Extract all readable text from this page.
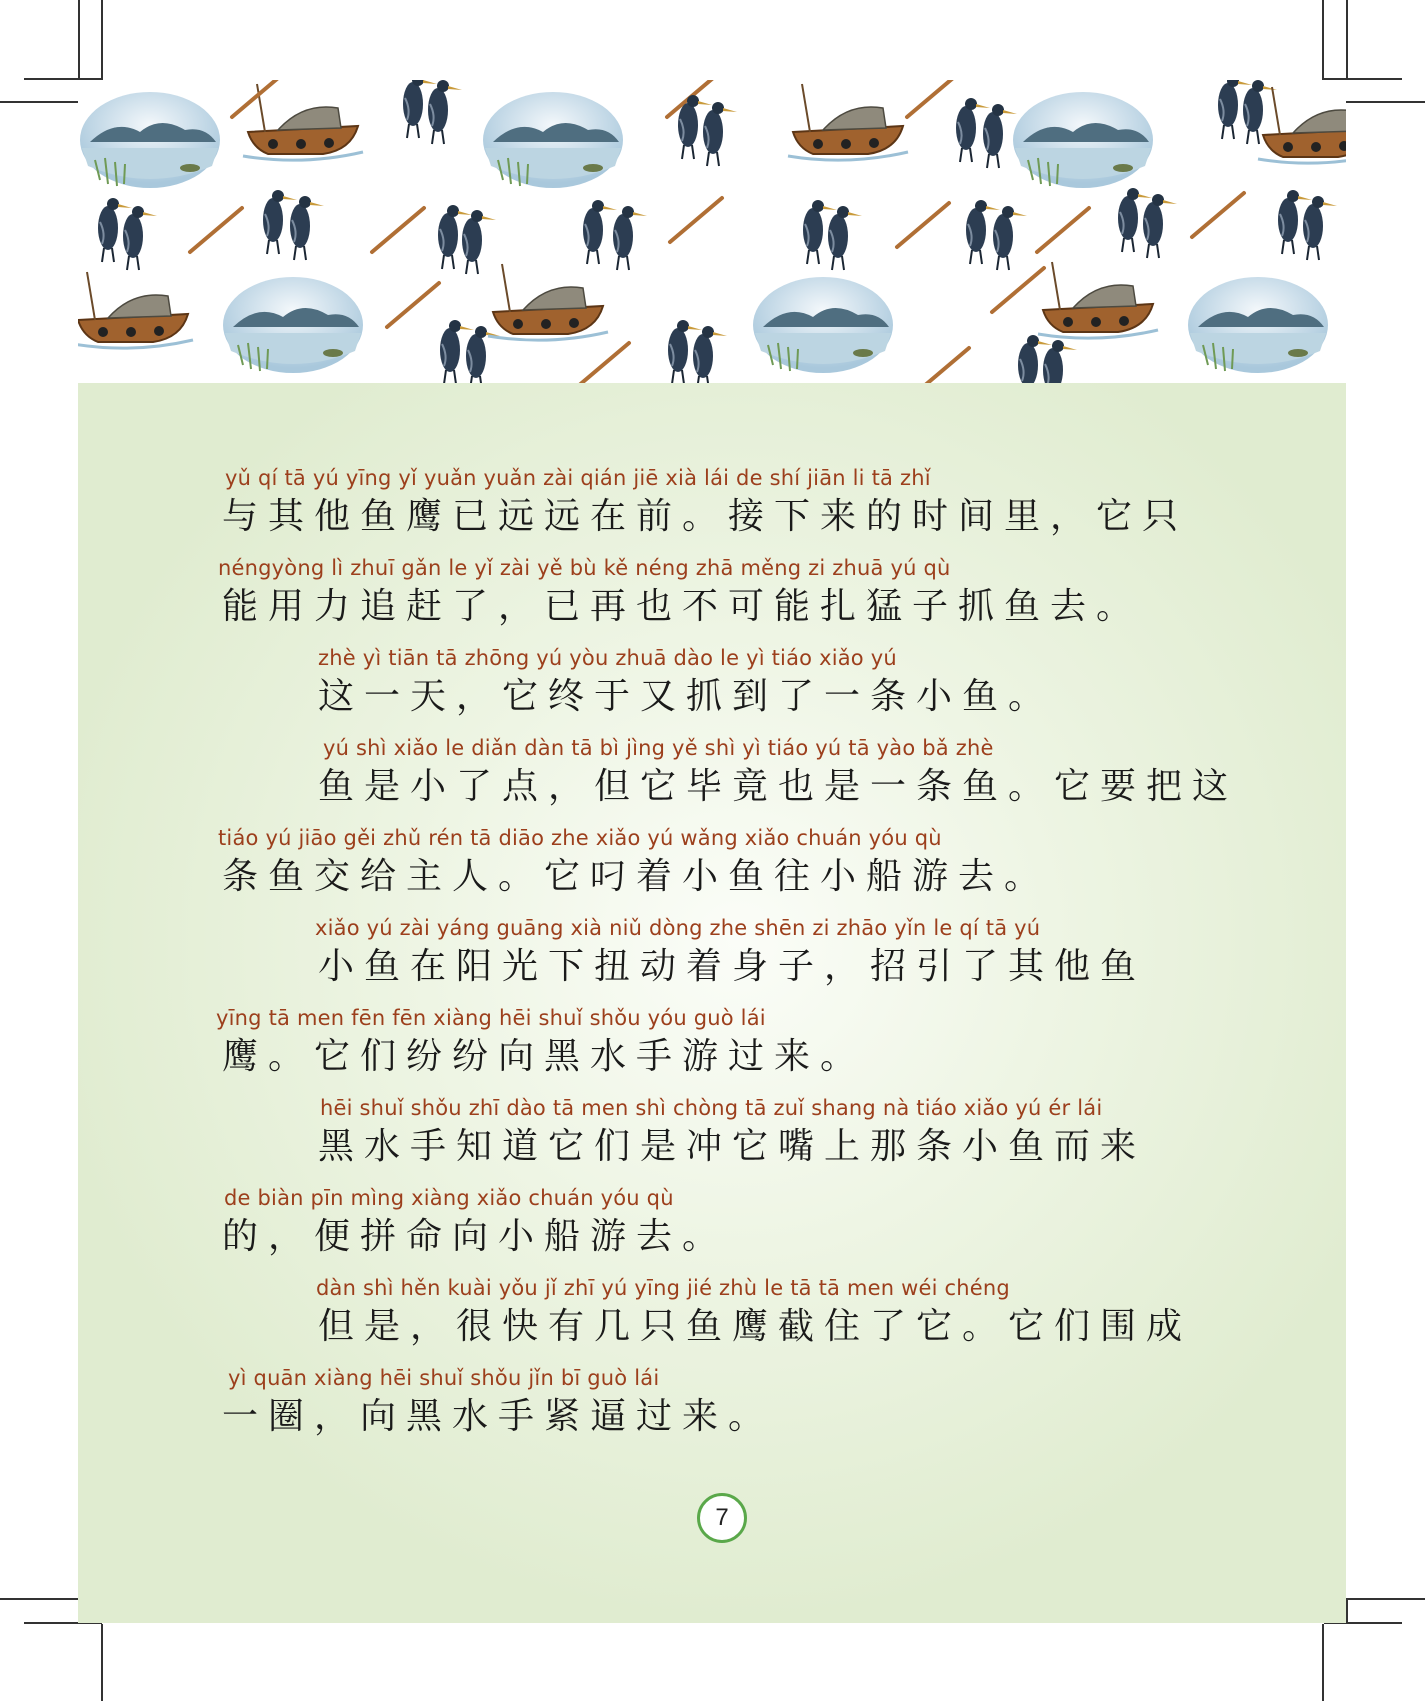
yǔ qí tā yú yīng yǐ yuǎn yuǎn zài qián jiē xià lái de shí jiān li tā zhǐ
与其他鱼鹰已远远在前。接下来的时间里，它只
néngyòng lì zhuī gǎn le yǐ zài yě bù kě néng zhā měng zi zhuā yú qù
能用力追赶了，已再也不可能扎猛子抓鱼去。
zhè yì tiān tā zhōng yú yòu zhuā dào le yì tiáo xiǎo yú
这一天，它终于又抓到了一条小鱼。
yú shì xiǎo le diǎn dàn tā bì jìng yě shì yì tiáo yú tā yào bǎ zhè
鱼是小了点，但它毕竟也是一条鱼。它要把这
tiáo yú jiāo gěi zhǔ rén tā diāo zhe xiǎo yú wǎng xiǎo chuán yóu qù
条鱼交给主人。它叼着小鱼往小船游去。
xiǎo yú zài yáng guāng xià niǔ dòng zhe shēn zi zhāo yǐn le qí tā yú
小鱼在阳光下扭动着身子，招引了其他鱼
yīng tā men fēn fēn xiàng hēi shuǐ shǒu yóu guò lái
鹰。它们纷纷向黑水手游过来。
hēi shuǐ shǒu zhī dào tā men shì chòng tā zuǐ shang nà tiáo xiǎo yú ér lái
黑水手知道它们是冲它嘴上那条小鱼而来
de biàn pīn mìng xiàng xiǎo chuán yóu qù
的，便拼命向小船游去。
dàn shì hěn kuài yǒu jǐ zhī yú yīng jié zhù le tā tā men wéi chéng
但是，很快有几只鱼鹰截住了它。它们围成
yì quān xiàng hēi shuǐ shǒu jǐn bī guò lái
一圈，向黑水手紧逼过来。
7
